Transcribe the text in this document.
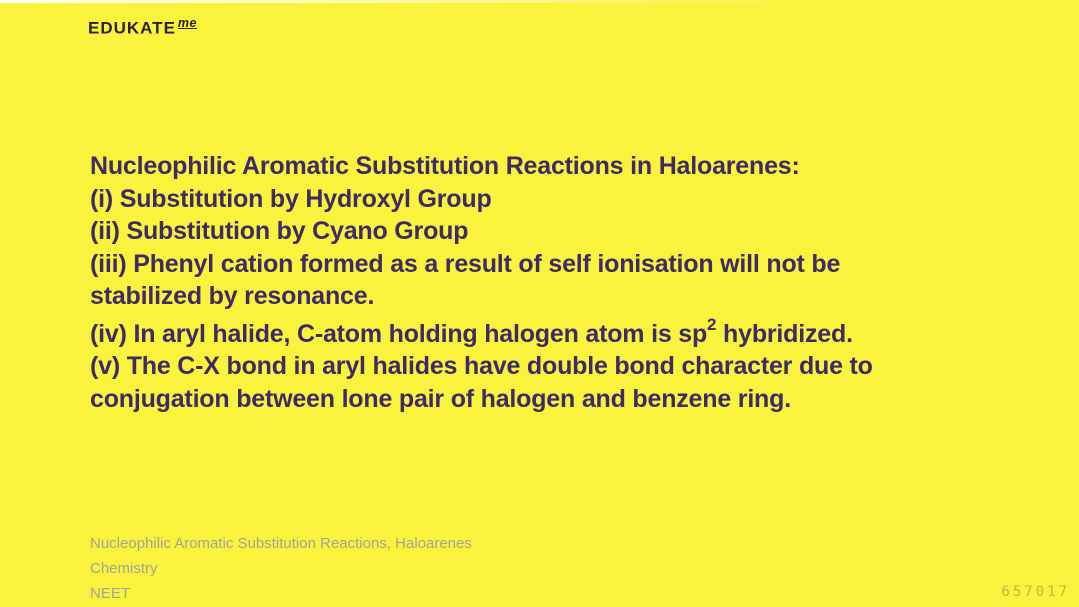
EDUKATE $^{me}$
Nucleophilic Aromatic Substitution Reactions in Haloarenes:
(i) Substitution by Hydroxyl Group
(ii) Substitution by Cyano Group
(iii) Phenyl cation formed as a result of self ionisation will not be
stabilized by resonance.
(iv) In aryl halide, C-atom holding halogen atom is $sp^2$ hybridized.
(v) The C-X bond in aryl halides have double bond character due to
conjugation between lone pair of halogen and benzene ring.
Nucleophilic Aromatic Substitution Reactions, Haloarenes
Chemistry
NEET	657017
